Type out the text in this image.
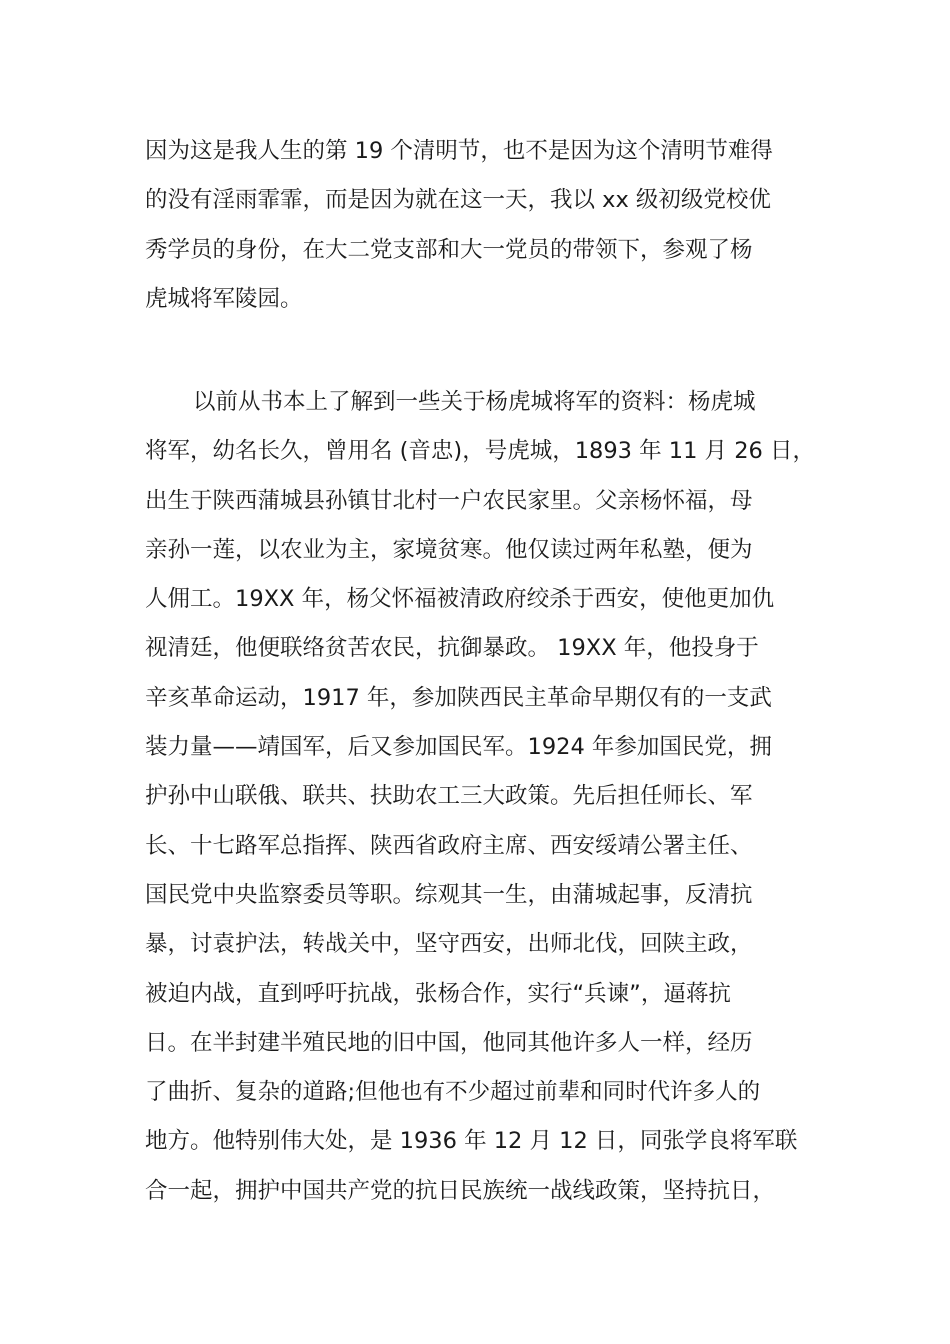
因为这是我人生的第 19 个清明节，也不是因为这个清明节难得
的没有淫雨霏霏，而是因为就在这一天，我以 xx 级初级党校优
秀学员的身份，在大二党支部和大一党员的带领下，参观了杨
虎城将军陵园。
以前从书本上了解到一些关于杨虎城将军的资料：杨虎城
将军，幼名长久，曾用名 (音忠)，号虎城，1893 年 11 月 26 日，
出生于陕西蒲城县孙镇甘北村一户农民家里。父亲杨怀福，母
亲孙一莲，以农业为主，家境贫寒。他仅读过两年私塾，便为
人佣工。19XX 年，杨父怀福被清政府绞杀于西安，使他更加仇
视清廷，他便联络贫苦农民，抗御暴政。 19XX 年，他投身于
辛亥革命运动，1917 年，参加陕西民主革命早期仅有的一支武
装力量——靖国军，后又参加国民军。1924 年参加国民党，拥
护孙中山联俄、联共、扶助农工三大政策。先后担任师长、军
长、十七路军总指挥、陕西省政府主席、西安绥靖公署主任、
国民党中央监察委员等职。综观其一生，由蒲城起事，反清抗
暴，讨袁护法，转战关中，坚守西安，出师北伐，回陕主政，
被迫内战，直到呼吁抗战，张杨合作，实行“兵谏”，逼蒋抗
日。在半封建半殖民地的旧中国，他同其他许多人一样，经历
了曲折、复杂的道路;但他也有不少超过前辈和同时代许多人的
地方。他特别伟大处，是 1936 年 12 月 12 日，同张学良将军联
合一起，拥护中国共产党的抗日民族统一战线政策，坚持抗日，
